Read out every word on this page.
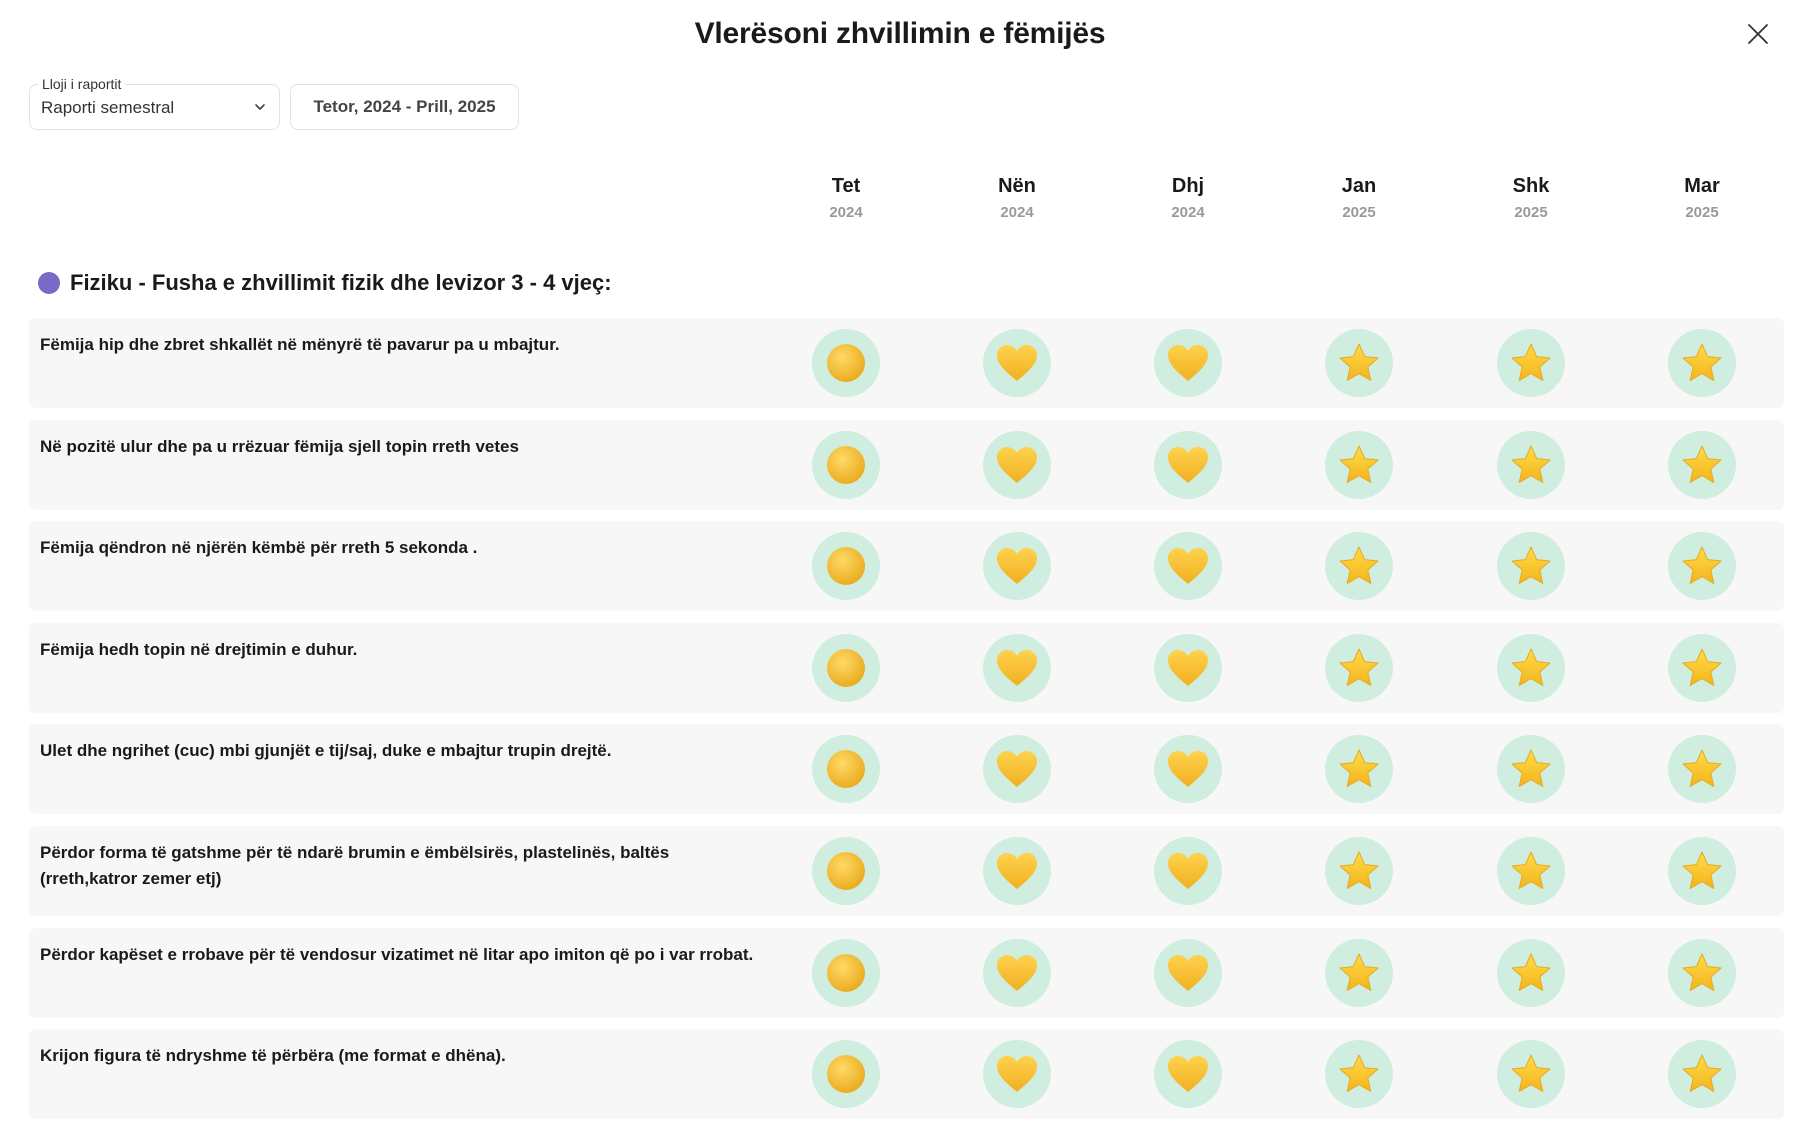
Vlerësoni zhvillimin e fëmijës
Lloji i raportit
Raporti semestral	Tetor, 2024 - Prill, 2025
Tet
2024
Nën
2024
Dhj
2024
Jan
2025
Shk
2025
Mar
2025
Fiziku - Fusha e zhvillimit fizik dhe levizor 3 - 4 vjeç:
Fëmija hip dhe zbret shkallët në mënyrë të pavarur pa u mbajtur.
Në pozitë ulur dhe pa u rrëzuar fëmija sjell topin rreth vetes
Fëmija qëndron në njërën këmbë për rreth 5 sekonda .
Fëmija hedh topin në drejtimin e duhur.
Ulet dhe ngrihet (cuc) mbi gjunjët e tij/saj, duke e mbajtur trupin drejtë.
Përdor forma të gatshme për të ndarë brumin e ëmbëlsirës, plastelinës, baltës (rreth,katror zemer etj)
Përdor kapëset e rrobave për të vendosur vizatimet në litar apo imiton që po i var rrobat.
Krijon figura të ndryshme të përbëra (me format e dhëna).
